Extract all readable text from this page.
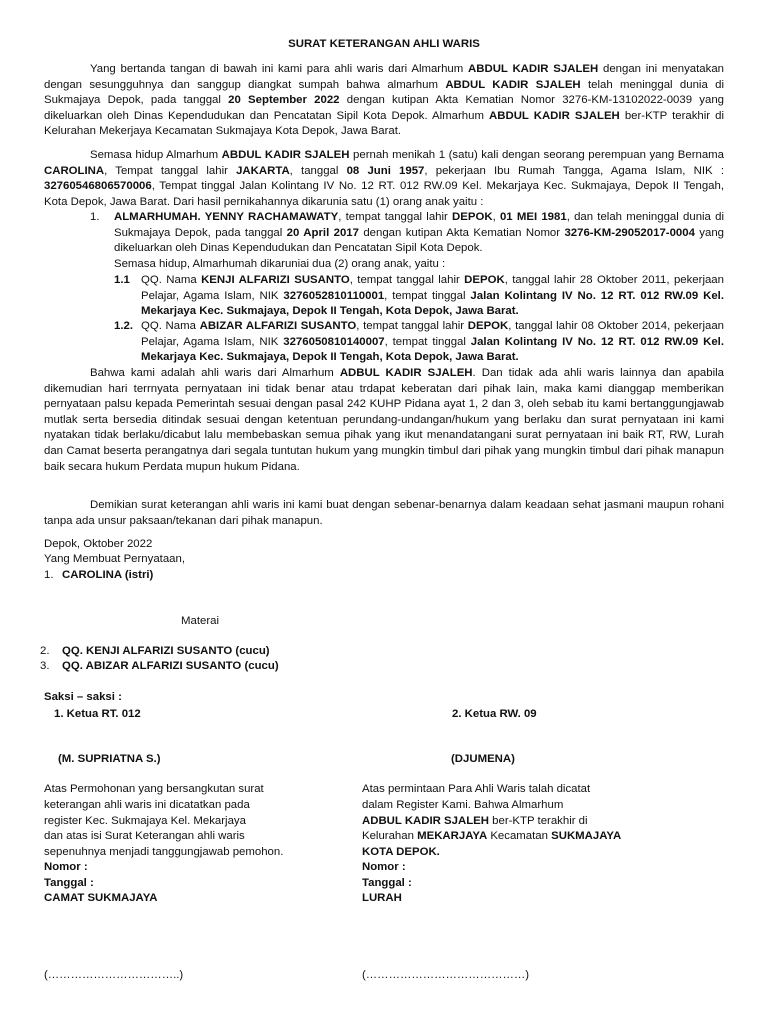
SURAT KETERANGAN AHLI WARIS
Yang bertanda tangan di bawah ini kami para ahli waris dari Almarhum ABDUL KADIR SJALEH dengan ini menyatakan dengan sesungguhnya dan sanggup diangkat sumpah bahwa almarhum ABDUL KADIR SJALEH telah meninggal dunia di Sukmajaya Depok, pada tanggal 20 September 2022 dengan kutipan Akta Kematian Nomor 3276-KM-13102022-0039 yang dikeluarkan oleh Dinas Kependudukan dan Pencatatan Sipil Kota Depok. Almarhum ABDUL KADIR SJALEH ber-KTP terakhir di Kelurahan Mekerjaya Kecamatan Sukmajaya Kota Depok, Jawa Barat.
Semasa hidup Almarhum ABDUL KADIR SJALEH pernah menikah 1 (satu) kali dengan seorang perempuan yang Bernama CAROLINA, Tempat tanggal lahir JAKARTA, tanggal 08 Juni 1957, pekerjaan Ibu Rumah Tangga, Agama Islam, NIK : 32760546806570006, Tempat tinggal Jalan Kolintang IV No. 12 RT. 012 RW.09 Kel. Mekarjaya Kec. Sukmajaya, Depok II Tengah, Kota Depok, Jawa Barat. Dari hasil pernikahannya dikarunia satu (1) orang anak yaitu :
1. ALMARHUMAH. YENNY RACHAMAWATY, tempat tanggal lahir DEPOK, 01 MEI 1981, dan telah meninggal dunia di Sukmajaya Depok, pada tanggal 20 April 2017 dengan kutipan Akta Kematian Nomor 3276-KM-29052017-0004 yang dikeluarkan oleh Dinas Kependudukan dan Pencatatan Sipil Kota Depok.
Semasa hidup, Almarhumah dikaruniai dua (2) orang anak, yaitu :
1.1 QQ. Nama KENJI ALFARIZI SUSANTO, tempat tanggal lahir DEPOK, tanggal lahir 28 Oktober 2011, pekerjaan Pelajar, Agama Islam, NIK 3276052810110001, tempat tinggal Jalan Kolintang IV No. 12 RT. 012 RW.09 Kel. Mekarjaya Kec. Sukmajaya, Depok II Tengah, Kota Depok, Jawa Barat.
1.2. QQ. Nama ABIZAR ALFARIZI SUSANTO, tempat tanggal lahir DEPOK, tanggal lahir 08 Oktober 2014, pekerjaan Pelajar, Agama Islam, NIK 3276050810140007, tempat tinggal Jalan Kolintang IV No. 12 RT. 012 RW.09 Kel. Mekarjaya Kec. Sukmajaya, Depok II Tengah, Kota Depok, Jawa Barat.
Bahwa kami adalah ahli waris dari Almarhum ADBUL KADIR SJALEH. Dan tidak ada ahli waris lainnya dan apabila dikemudian hari terrnyata pernyataan ini tidak benar atau trdapat keberatan dari pihak lain, maka kami dianggap memberikan pernyataan palsu kepada Pemerintah sesuai dengan pasal 242 KUHP Pidana ayat 1, 2 dan 3, oleh sebab itu kami bertanggungjawab mutlak serta bersedia ditindak sesuai dengan ketentuan perundang-undangan/hukum yang berlaku dan surat pernyataan ini kami nyatakan tidak berlaku/dicabut lalu membebaskan semua pihak yang ikut menandatangani surat pernyataan ini baik RT, RW, Lurah dan Camat beserta perangatnya dari segala tuntutan hukum yang mungkin timbul dari pihak yang mungkin timbul dari pihak manapun baik secara hukum Perdata mupun hukum Pidana.
Demikian surat keterangan ahli waris ini kami buat dengan sebenar-benarnya dalam keadaan sehat jasmani maupun rohani tanpa ada unsur paksaan/tekanan dari pihak manapun.
Depok, Oktober 2022
Yang Membuat Pernyataan,
1. CAROLINA (istri)
Materai
2. QQ. KENJI ALFARIZI SUSANTO (cucu)
3. QQ. ABIZAR ALFARIZI SUSANTO (cucu)
Saksi – saksi :
1. Ketua RT. 012	2. Ketua RW. 09
(M. SUPRIATNA S.)	(DJUMENA)
Atas Permohonan yang bersangkutan surat
keterangan ahli waris ini dicatatkan pada
register Kec. Sukmajaya Kel. Mekarjaya
dan atas isi Surat Keterangan ahli waris
sepenuhnya menjadi tanggungjawab pemohon.
Nomor :
Tanggal :
CAMAT SUKMAJAYA
(……………………………..)
Atas permintaan Para Ahli Waris talah dicatat
dalam Register Kami. Bahwa Almarhum
ADBUL KADIR SJALEH ber-KTP terakhir di
Kelurahan MEKARJAYA Kecamatan SUKMAJAYA
KOTA DEPOK.
Nomor :
Tanggal :
LURAH
(……………………………………)
